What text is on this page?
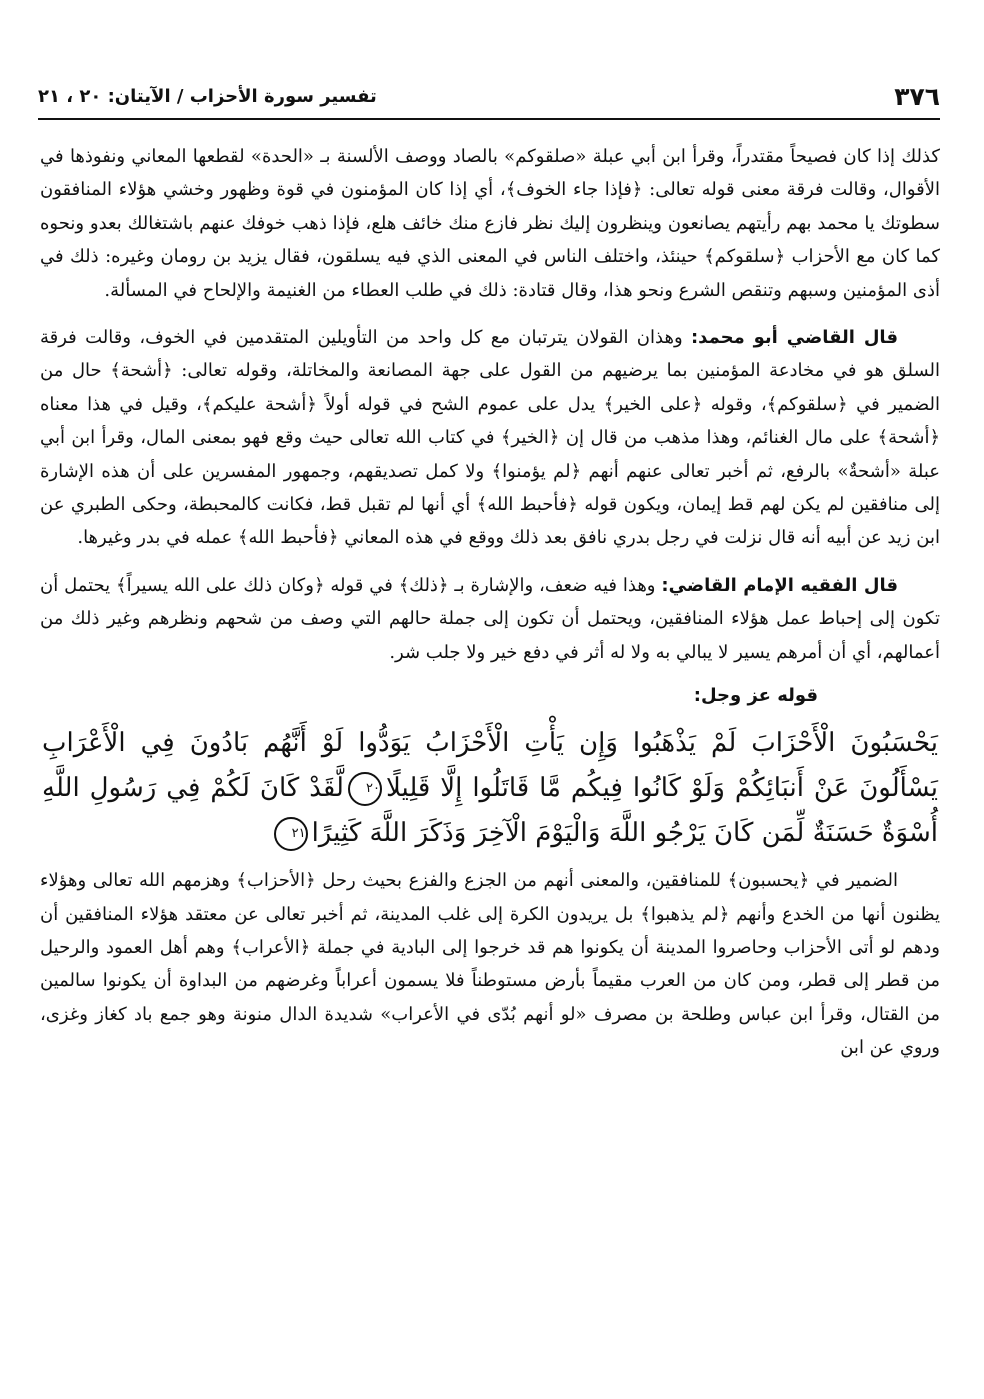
٣٧٦
تفسير سورة الأحزاب / الآيتان: ٢٠ ، ٢١

كذلك إذا كان فصيحاً مقتدراً، وقرأ ابن أبي عبلة «صلقوكم» بالصاد ووصف الألسنة بـ «الحدة» لقطعها المعاني ونفوذها في الأقوال، وقالت فرقة معنى قوله تعالى: ﴿فإذا جاء الخوف﴾، أي إذا كان المؤمنون في قوة وظهور وخشي هؤلاء المنافقون سطوتك يا محمد بهم رأيتهم يصانعون وينظرون إليك نظر فازع منك خائف هلع، فإذا ذهب خوفك عنهم باشتغالك بعدو ونحوه كما كان مع الأحزاب ﴿سلقوكم﴾ حينئذ، واختلف الناس في المعنى الذي فيه يسلقون، فقال يزيد بن رومان وغيره: ذلك في أذى المؤمنين وسبهم وتنقص الشرع ونحو هذا، وقال قتادة: ذلك في طلب العطاء من الغنيمة والإلحاح في المسألة.

قال القاضي أبو محمد: وهذان القولان يترتبان مع كل واحد من التأويلين المتقدمين في الخوف، وقالت فرقة السلق هو في مخادعة المؤمنين بما يرضيهم من القول على جهة المصانعة والمخاتلة، وقوله تعالى: ﴿أشحة﴾ حال من الضمير في ﴿سلقوكم﴾، وقوله ﴿على الخير﴾ يدل على عموم الشح في قوله أولاً ﴿أشحة عليكم﴾، وقيل في هذا معناه ﴿أشحة﴾ على مال الغنائم، وهذا مذهب من قال إن ﴿الخير﴾ في كتاب الله تعالى حيث وقع فهو بمعنى المال، وقرأ ابن أبي عبلة «أشحةٌ» بالرفع، ثم أخبر تعالى عنهم أنهم ﴿لم يؤمنوا﴾ ولا كمل تصديقهم، وجمهور المفسرين على أن هذه الإشارة إلى منافقين لم يكن لهم قط إيمان، ويكون قوله ﴿فأحبط الله﴾ أي أنها لم تقبل قط، فكانت كالمحبطة، وحكى الطبري عن ابن زيد عن أبيه أنه قال نزلت في رجل بدري نافق بعد ذلك ووقع في هذه المعاني ﴿فأحبط الله﴾ عمله في بدر وغيرها.

قال الفقيه الإمام القاضي: وهذا فيه ضعف، والإشارة بـ ﴿ذلك﴾ في قوله ﴿وكان ذلك على الله يسيراً﴾ يحتمل أن تكون إلى إحباط عمل هؤلاء المنافقين، ويحتمل أن تكون إلى جملة حالهم التي وصف من شحهم ونظرهم وغير ذلك من أعمالهم، أي أن أمرهم يسير لا يبالي به ولا له أثر في دفع خير ولا جلب شر.

قوله عز وجل:
يَحْسَبُونَ الْأَحْزَابَ لَمْ يَذْهَبُوا وَإِن يَأْتِ الْأَحْزَابُ يَوَدُّوا لَوْ أَنَّهُم بَادُونَ فِي الْأَعْرَابِ يَسْأَلُونَ عَنْ أَنبَائِكُمْ وَلَوْ كَانُوا فِيكُم مَّا قَاتَلُوا إِلَّا قَلِيلًا٢٠لَّقَدْ كَانَ لَكُمْ فِي رَسُولِ اللَّهِ أُسْوَةٌ حَسَنَةٌ لِّمَن كَانَ يَرْجُو اللَّهَ وَالْيَوْمَ الْآخِرَ وَذَكَرَ اللَّهَ كَثِيرًا٢١

الضمير في ﴿يحسبون﴾ للمنافقين، والمعنى أنهم من الجزع والفزع بحيث رحل ﴿الأحزاب﴾ وهزمهم الله تعالى وهؤلاء يظنون أنها من الخدع وأنهم ﴿لم يذهبوا﴾ بل يريدون الكرة إلى غلب المدينة، ثم أخبر تعالى عن معتقد هؤلاء المنافقين أن ودهم لو أتى الأحزاب وحاصروا المدينة أن يكونوا هم قد خرجوا إلى البادية في جملة ﴿الأعراب﴾ وهم أهل العمود والرحيل من قطر إلى قطر، ومن كان من العرب مقيماً بأرض مستوطناً فلا يسمون أعراباً وغرضهم من البداوة أن يكونوا سالمين من القتال، وقرأ ابن عباس وطلحة بن مصرف «لو أنهم بُدّى في الأعراب» شديدة الدال منونة وهو جمع باد كغاز وغزى، وروي عن ابن
